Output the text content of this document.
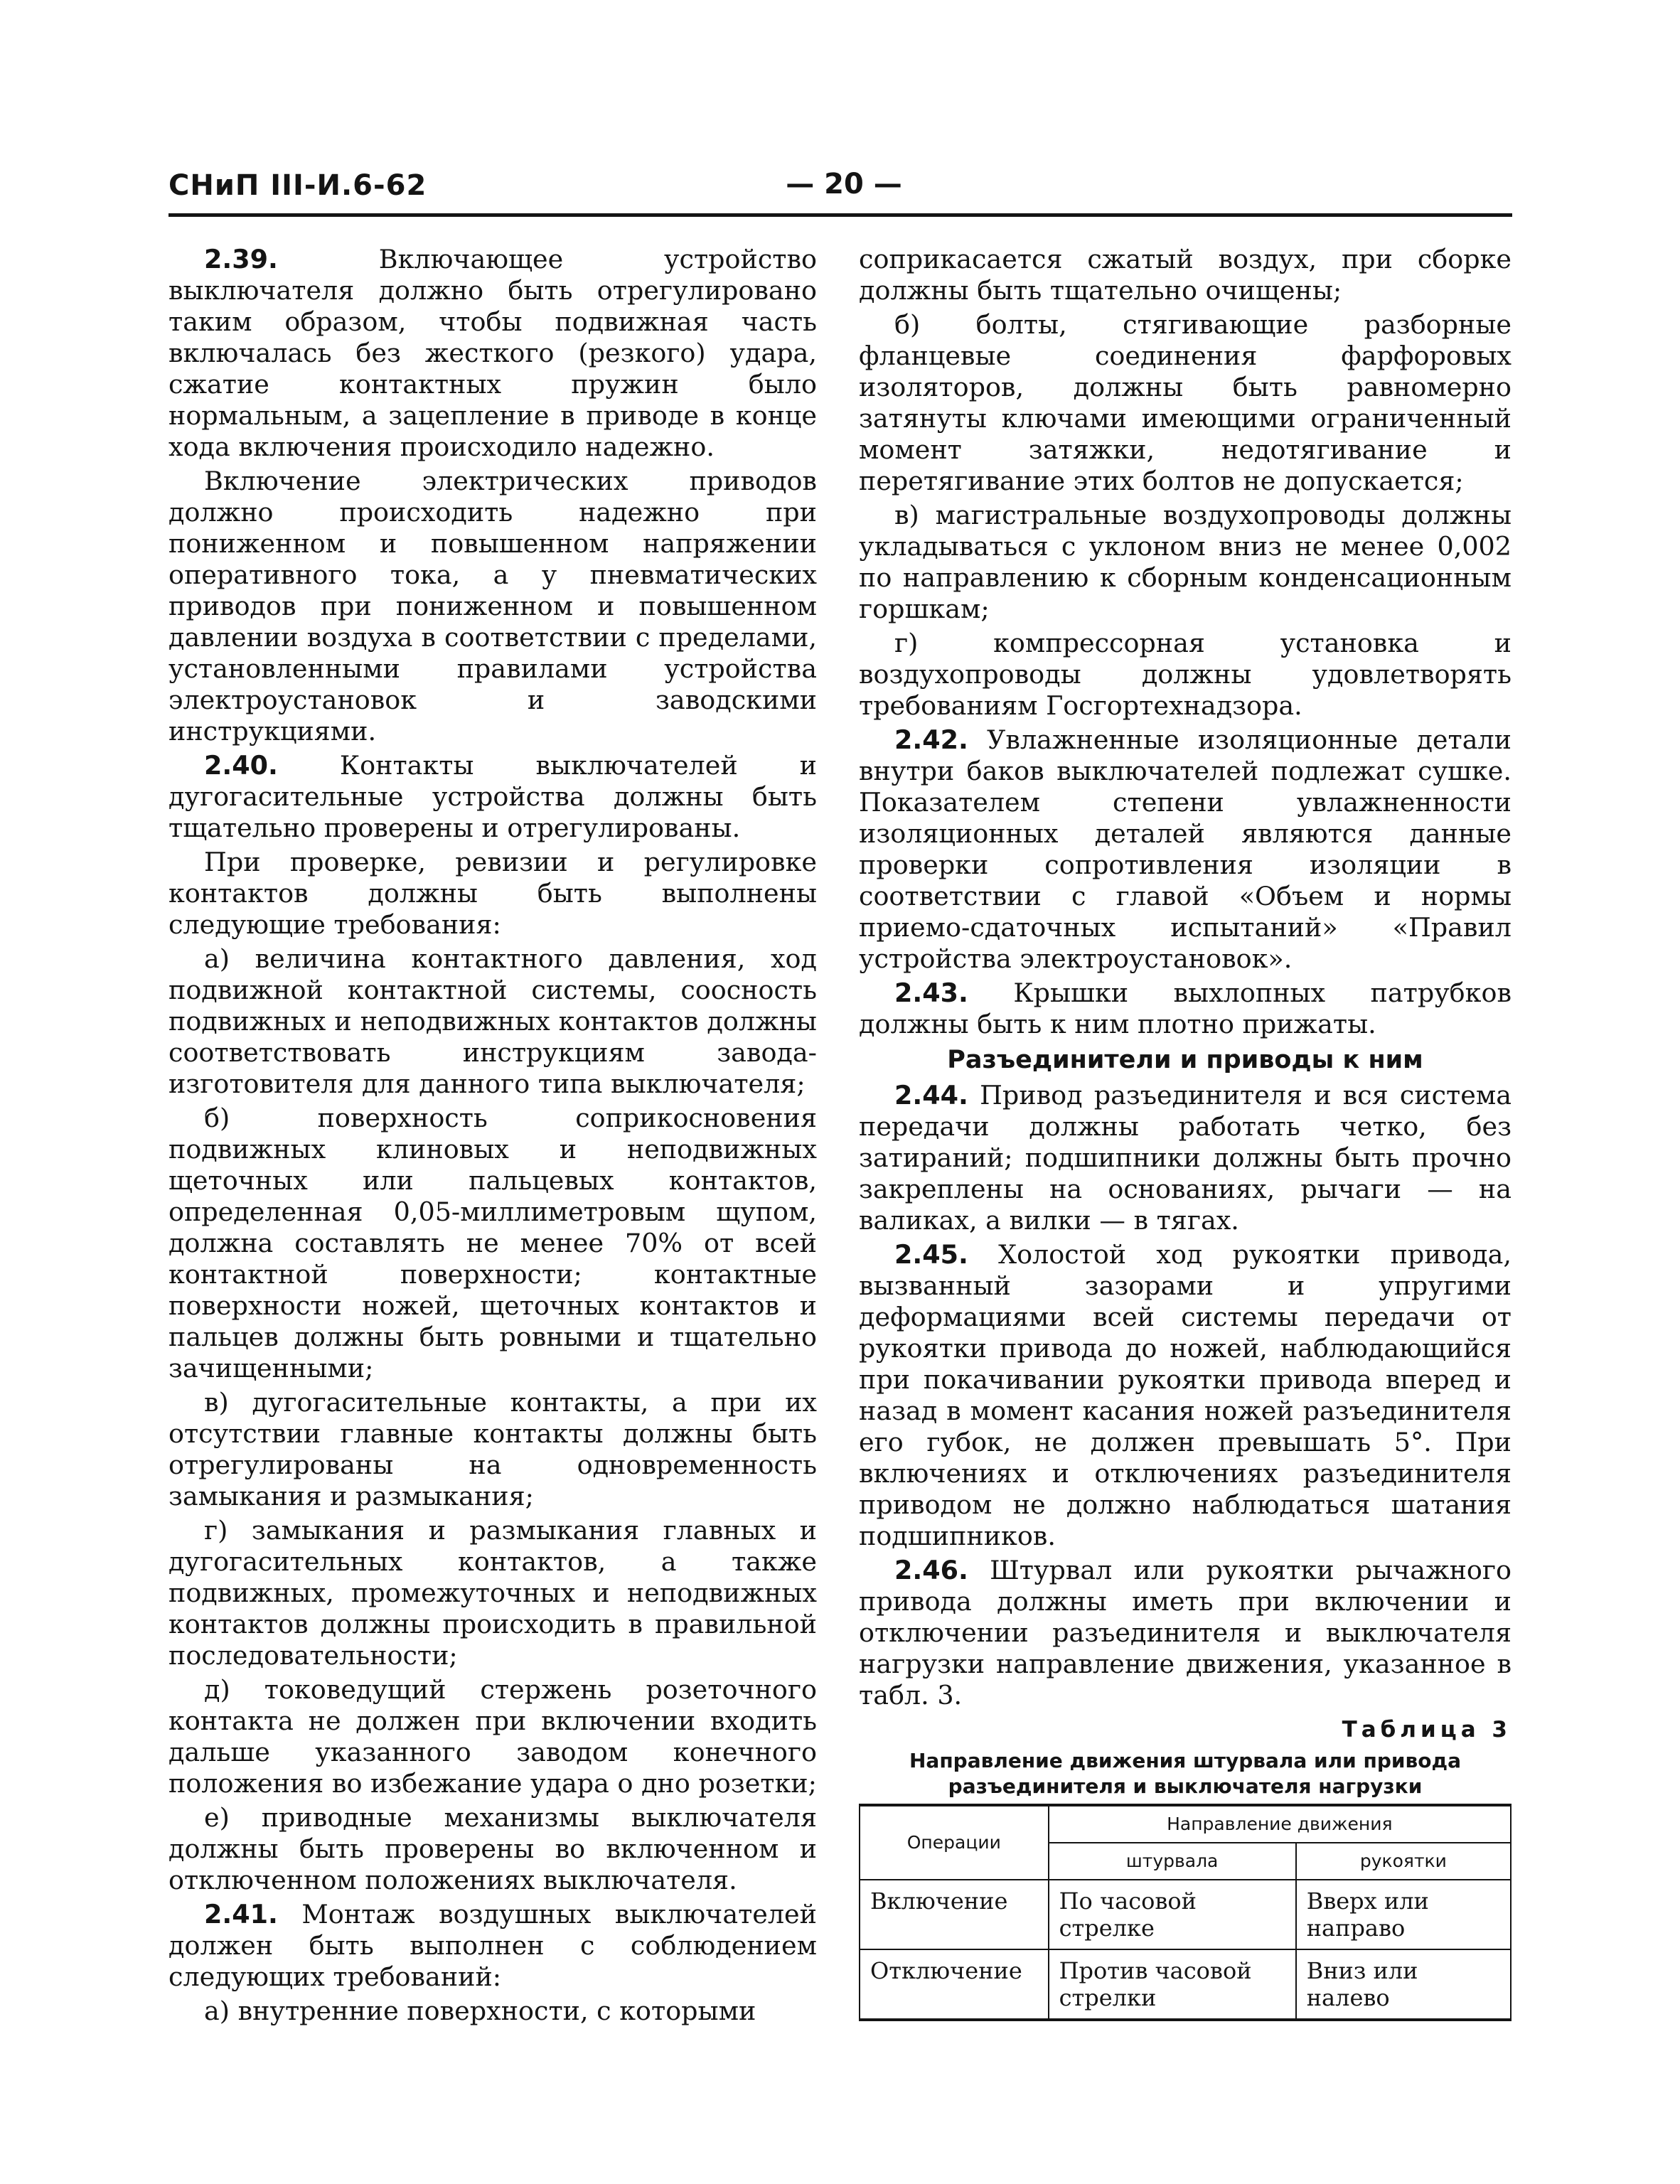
СНиП III-И.6-62	— 20 —

2.39.	Включающее устройство выключателя должно быть отрегулировано таким образом, чтобы подвижная часть включалась без жесткого (резкого) удара, сжатие контактных пружин было нормальным, а зацепление в приводе в конце хода включения происходило надежно.

Включение электрических приводов должно происходить надежно при пониженном и повышенном напряжении оперативного тока, а у пневматических приводов при пониженном и повышенном давлении воздуха в соответствии с пределами, установленными правилами устройства электроустановок и заводскими инструкциями.

2.40. Контакты выключателей и дугогасительные устройства должны быть тщательно проверены и отрегулированы.

При проверке, ревизии и регулировке контактов должны быть выполнены следующие требования:

а) величина контактного давления, ход подвижной контактной системы, соосность подвижных и неподвижных контактов должны соответствовать инструкциям завода-изготовителя для данного типа выключателя;

б) поверхность соприкосновения подвижных клиновых и неподвижных щеточных или пальцевых контактов, определенная 0,05-миллиметровым щупом, должна составлять не менее 70% от всей контактной поверхности; контактные поверхности ножей, щеточных контактов и пальцев должны быть ровными и тщательно зачищенными;

в) дугогасительные контакты, а при их отсутствии главные контакты должны быть отрегулированы на одновременность замыкания и размыкания;

г) замыкания и размыкания главных и дугогасительных контактов, а также подвижных, промежуточных и неподвижных контактов должны происходить в правильной последовательности;

д) токоведущий стержень розеточного контакта не должен при включении входить дальше указанного заводом конечного положения во избежание удара о дно розетки;

е) приводные механизмы выключателя должны быть проверены во включенном и отключенном положениях выключателя.

2.41. Монтаж воздушных выключателей должен быть выполнен с соблюдением следующих требований:

а) внутренние поверхности, с которыми

соприкасается сжатый воздух, при сборке должны быть тщательно очищены;

б) болты, стягивающие разборные фланцевые соединения фарфоровых изоляторов, должны быть равномерно затянуты ключами имеющими ограниченный момент затяжки, недотягивание и перетягивание этих болтов не допускается;

в) магистральные воздухопроводы должны укладываться с уклоном вниз не менее 0,002 по направлению к сборным конденсационным горшкам;

г) компрессорная установка и воздухопроводы должны удовлетворять требованиям Госгортехнадзора.

2.42. Увлажненные изоляционные детали внутри баков выключателей подлежат сушке. Показателем степени увлажненности изоляционных деталей являются данные проверки сопротивления изоляции в соответствии с главой «Объем и нормы приемо-сдаточных испытаний» «Правил устройства электроустановок».

2.43. Крышки выхлопных патрубков должны быть к ним плотно прижаты.

Разъединители и приводы к ним

2.44. Привод разъединителя и вся система передачи должны работать четко, без затираний; подшипники должны быть прочно закреплены на основаниях, рычаги — на валиках, а вилки — в тягах.

2.45. Холостой ход рукоятки привода, вызванный зазорами и упругими деформациями всей системы передачи от рукоятки привода до ножей, наблюдающийся при покачивании рукоятки привода вперед и назад в момент касания ножей разъединителя его губок, не должен превышать 5°. При включениях и отключениях разъединителя приводом не должно наблюдаться шатания подшипников.

2.46. Штурвал или рукоятки рычажного привода должны иметь при включении и отключении разъединителя и выключателя нагрузки направление движения, указанное в табл. 3.

Таблица 3
Направление движения штурвала или привода разъединителя и выключателя нагрузки
Операции	Направление движения	
	штурвала	рукоятки
Включение	По часовой стрелке	Вверх или направо
Отключение	Против часовой стрелки	Вниз или налево
